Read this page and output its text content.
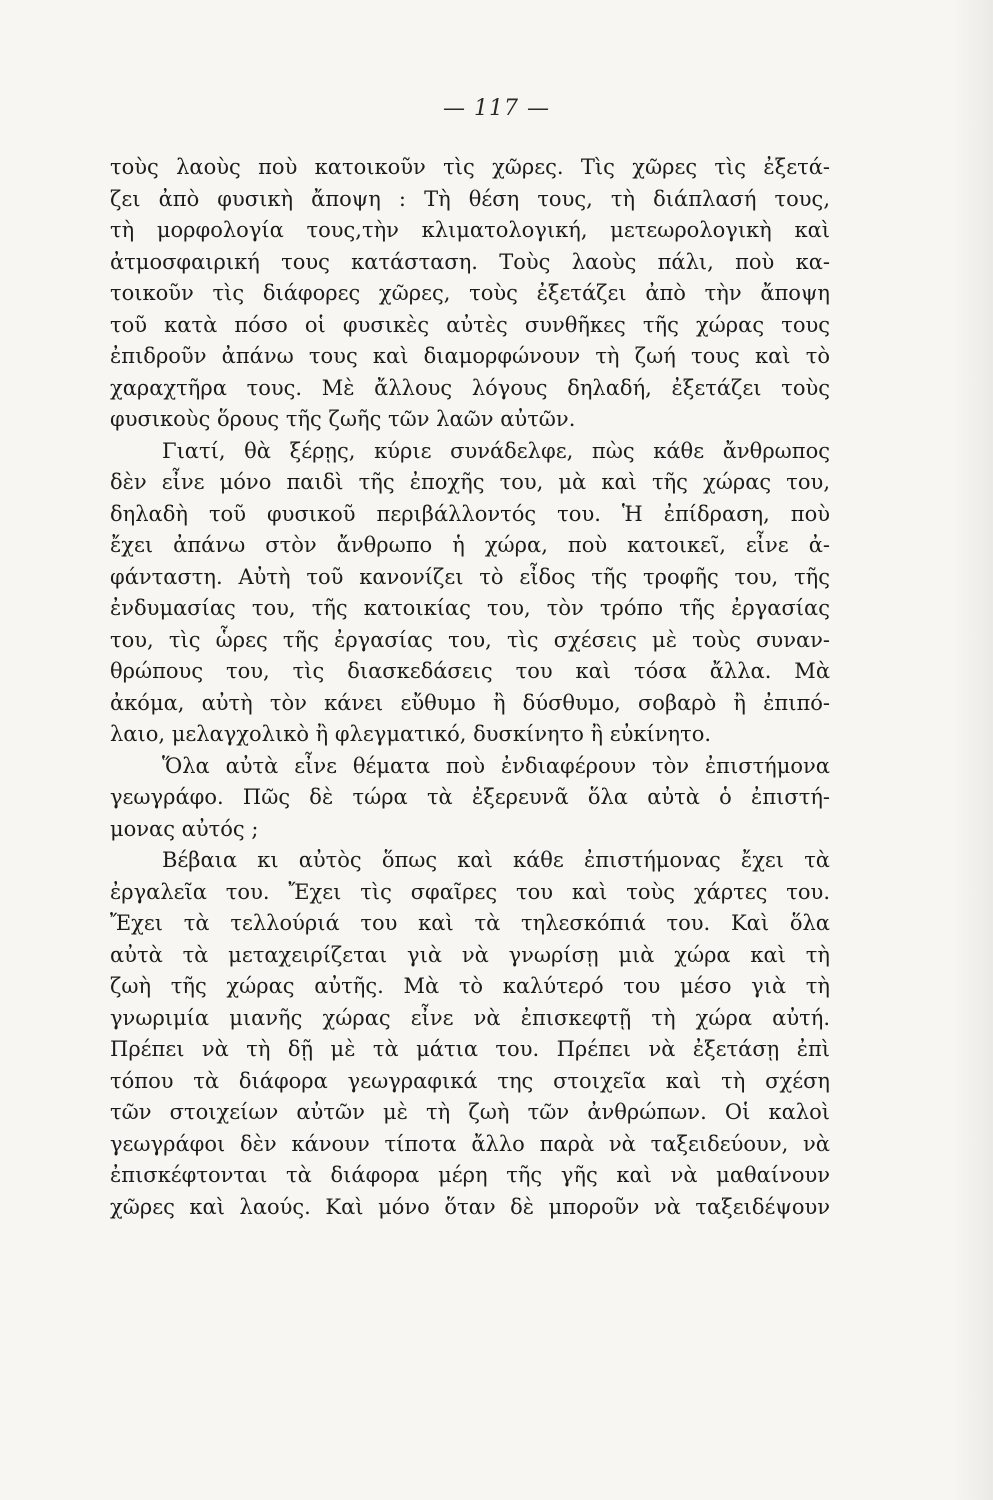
— 117 —
τοὺς λαοὺς ποὺ κατοικοῦν τὶς χῶρες. Τὶς χῶρες τὶς ἐξετά-
ζει ἀπὸ φυσικὴ ἄποψη : Τὴ θέση τους, τὴ διάπλασή τους,
τὴ μορφολογία τους,τὴν κλιματολογική, μετεωρολογικὴ καὶ
ἀτμοσφαιρική τους κατάσταση. Τοὺς λαοὺς πάλι, ποὺ κα-
τοικοῦν τὶς διάφορες χῶρες, τοὺς ἐξετάζει ἀπὸ τὴν ἄποψη
τοῦ κατὰ πόσο οἱ φυσικὲς αὐτὲς συνθῆκες τῆς χώρας τους
ἐπιδροῦν ἀπάνω τους καὶ διαμορφώνουν τὴ ζωή τους καὶ τὸ
χαραχτῆρα τους. Μὲ ἄλλους λόγους δηλαδή, ἐξετάζει τοὺς
φυσικοὺς ὅρους τῆς ζωῆς τῶν λαῶν αὐτῶν.
Γιατί, θὰ ξέρῃς, κύριε συνάδελφε, πὼς κάθε ἄνθρωπος
δὲν εἶνε μόνο παιδὶ τῆς ἐποχῆς του, μὰ καὶ τῆς χώρας του,
δηλαδὴ τοῦ φυσικοῦ περιβάλλοντός του. Ἡ ἐπίδραση, ποὺ
ἔχει ἀπάνω στὸν ἄνθρωπο ἡ χώρα, ποὺ κατοικεῖ, εἶνε ἀ-
φάνταστη. Αὐτὴ τοῦ κανονίζει τὸ εἶδος τῆς τροφῆς του, τῆς
ἐνδυμασίας του, τῆς κατοικίας του, τὸν τρόπο τῆς ἐργασίας
του, τὶς ὧρες τῆς ἐργασίας του, τὶς σχέσεις μὲ τοὺς συναν-
θρώπους του, τὶς διασκεδάσεις του καὶ τόσα ἄλλα. Μὰ
ἀκόμα, αὐτὴ τὸν κάνει εὔθυμο ἢ δύσθυμο, σοβαρὸ ἢ ἐπιπό-
λαιο, μελαγχολικὸ ἢ φλεγματικό, δυσκίνητο ἢ εὐκίνητο.
Ὅλα αὐτὰ εἶνε θέματα ποὺ ἐνδιαφέρουν τὸν ἐπιστήμονα
γεωγράφο. Πῶς δὲ τώρα τὰ ἐξερευνᾶ ὅλα αὐτὰ ὁ ἐπιστή-
μονας αὐτός ;
Βέβαια κι αὐτὸς ὅπως καὶ κάθε ἐπιστήμονας ἔχει τὰ
ἐργαλεῖα του. Ἔχει τὶς σφαῖρες του καὶ τοὺς χάρτες του.
Ἔχει τὰ τελλούριά του καὶ τὰ τηλεσκόπιά του. Καὶ ὅλα
αὐτὰ τὰ μεταχειρίζεται γιὰ νὰ γνωρίσῃ μιὰ χώρα καὶ τὴ
ζωὴ τῆς χώρας αὐτῆς. Μὰ τὸ καλύτερό του μέσο γιὰ τὴ
γνωριμία μιανῆς χώρας εἶνε νὰ ἐπισκεφτῇ τὴ χώρα αὐτή.
Πρέπει νὰ τὴ δῇ μὲ τὰ μάτια του. Πρέπει νὰ ἐξετάσῃ ἐπὶ
τόπου τὰ διάφορα γεωγραφικά της στοιχεῖα καὶ τὴ σχέση
τῶν στοιχείων αὐτῶν μὲ τὴ ζωὴ τῶν ἀνθρώπων. Οἱ καλοὶ
γεωγράφοι δὲν κάνουν τίποτα ἄλλο παρὰ νὰ ταξειδεύουν, νὰ
ἐπισκέφτονται τὰ διάφορα μέρη τῆς γῆς καὶ νὰ μαθαίνουν
χῶρες καὶ λαούς. Καὶ μόνο ὅταν δὲ μποροῦν νὰ ταξειδέψουν
